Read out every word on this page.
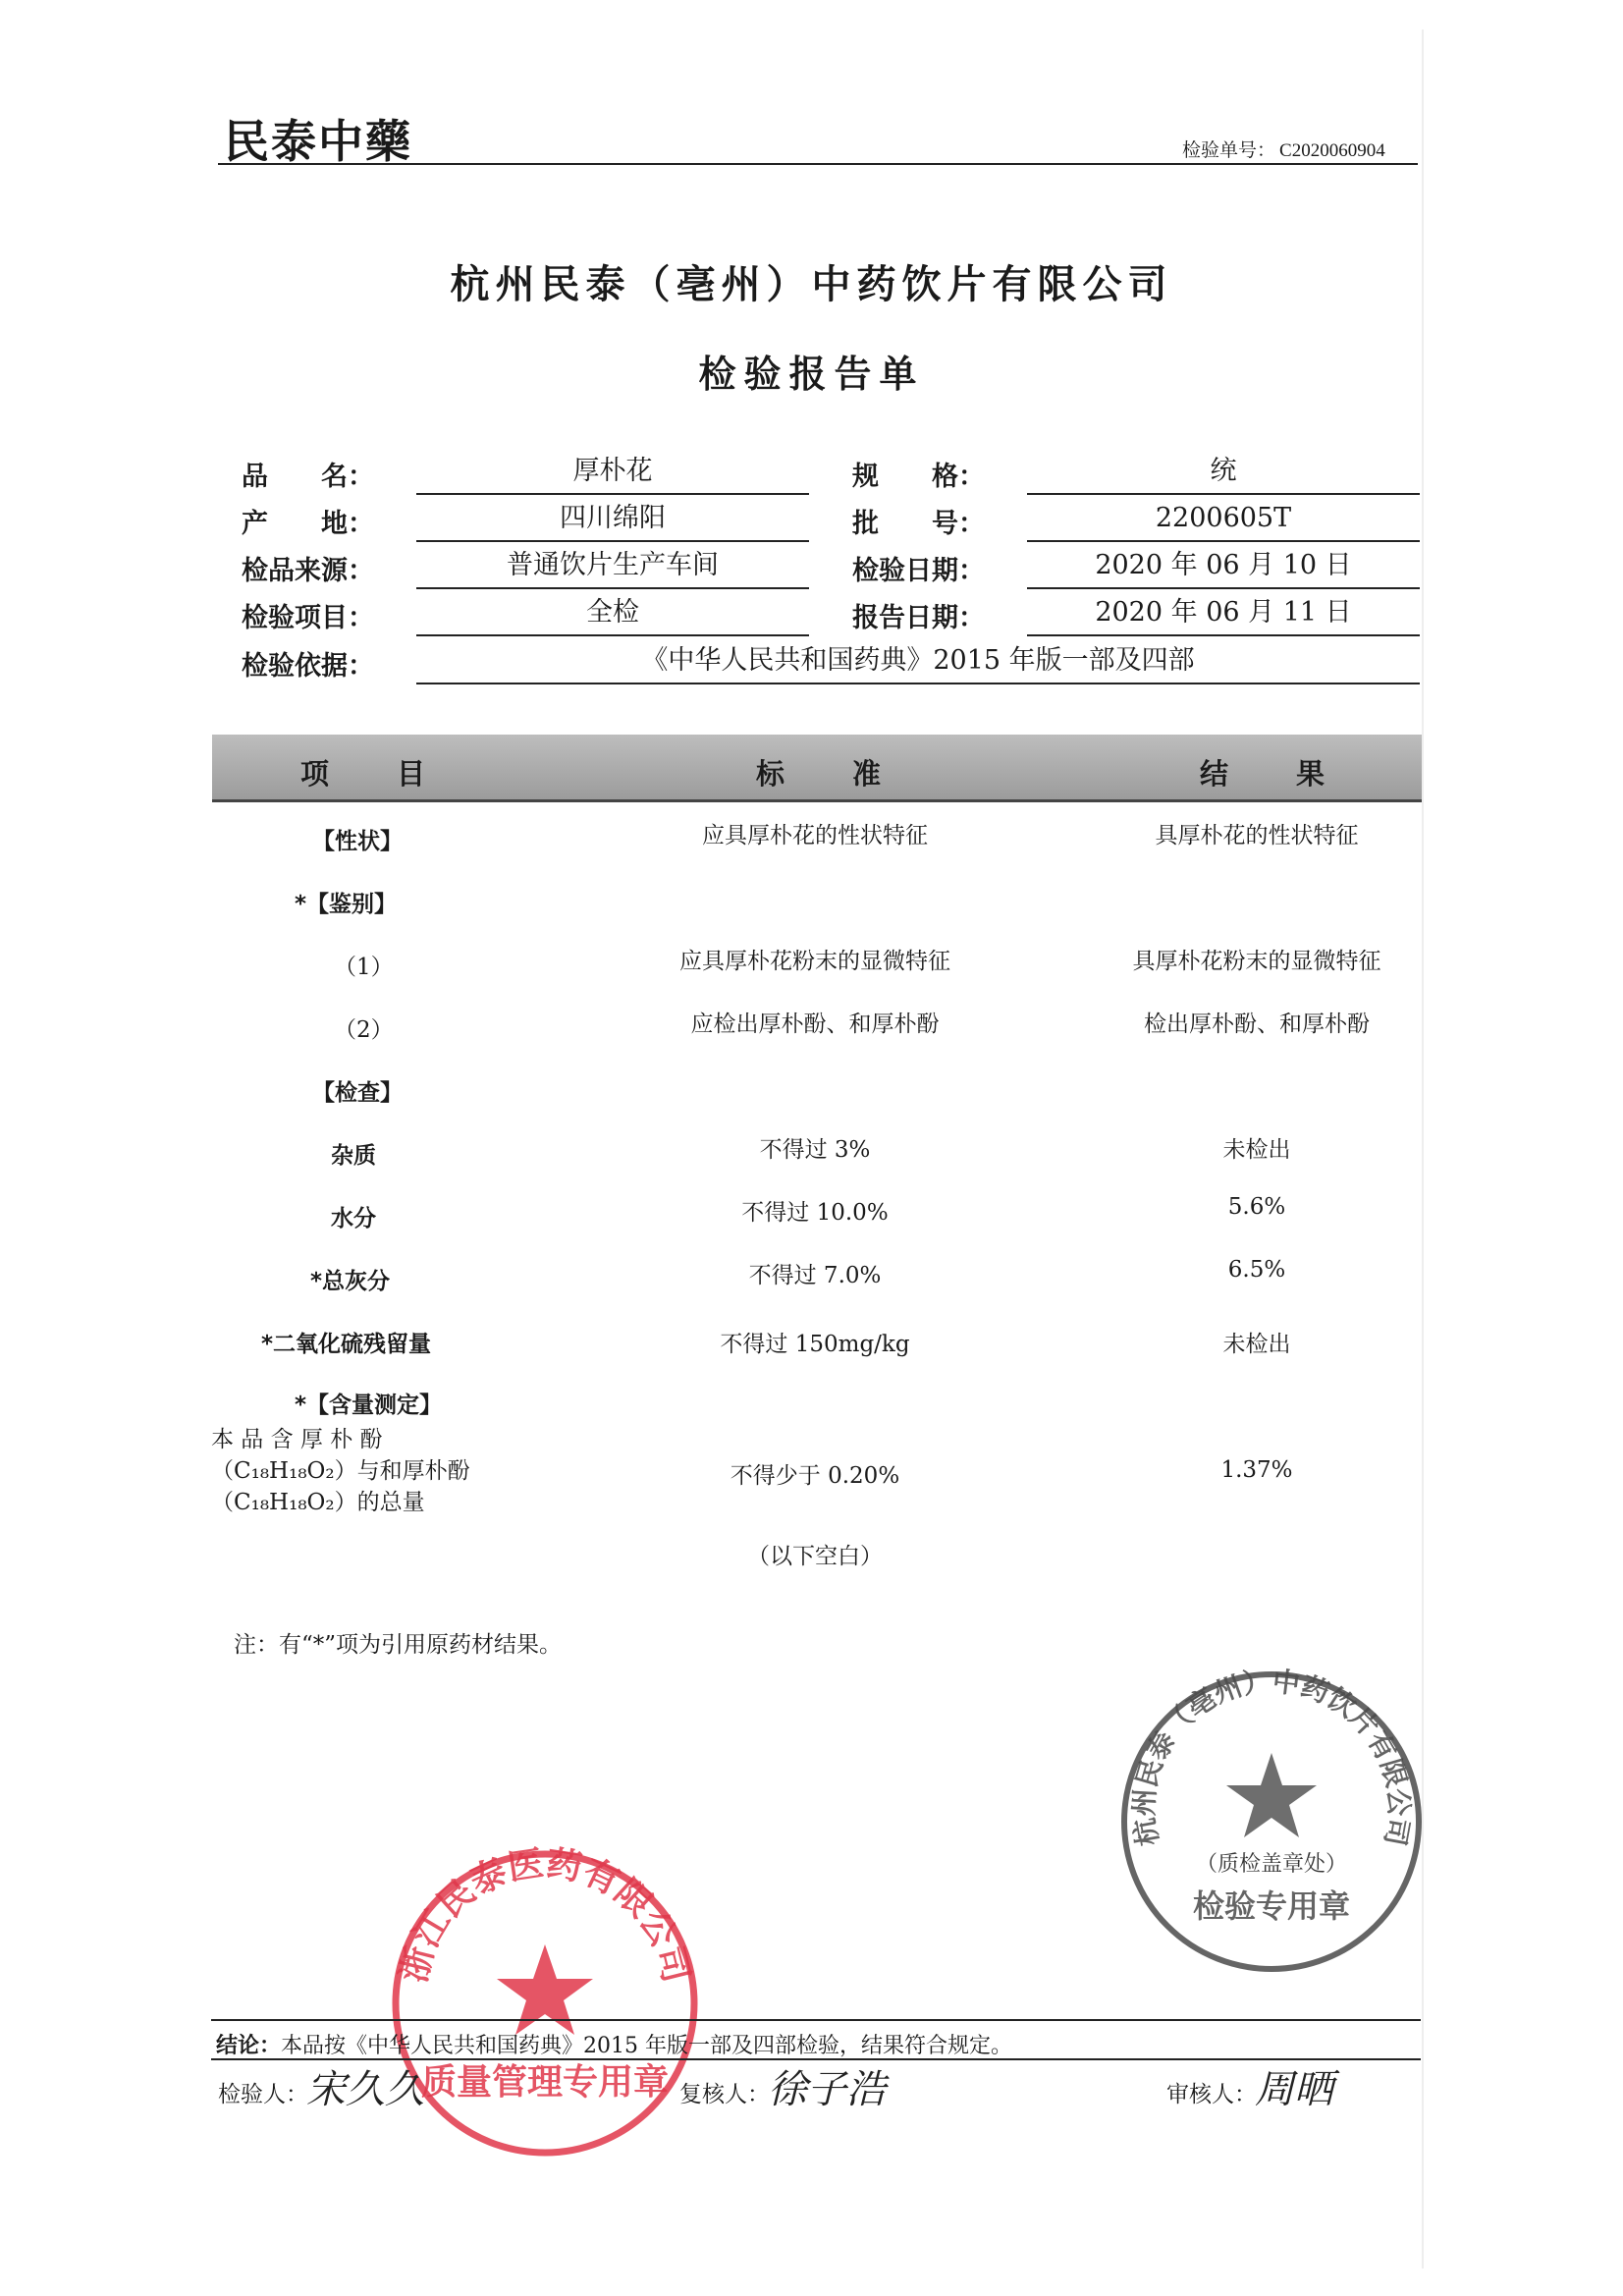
民泰中藥	检验单号： C2020060904
杭州民泰（亳州）中药饮片有限公司
检验报告单
品　　名：	厚朴花	规　　格：	统
产　　地：	四川绵阳	批　　号：	2200605T
检品来源：	普通饮片生产车间	检验日期：	2020 年 06 月 10 日
检验项目：	全检	报告日期：	2020 年 06 月 11 日
检验依据：	《中华人民共和国药典》2015 年版一部及四部
项　目	标　准	结　果
【性状】	应具厚朴花的性状特征	具厚朴花的性状特征
*【鉴别】
（1）	应具厚朴花粉末的显微特征	具厚朴花粉末的显微特征
（2）	应检出厚朴酚、和厚朴酚	检出厚朴酚、和厚朴酚
【检查】
杂质	不得过 3%	未检出
水分	不得过 10.0%	5.6%
*总灰分	不得过 7.0%	6.5%
*二氧化硫残留量	不得过 150mg/kg	未检出
*【含量测定】
本 品 含 厚 朴 酚
（C₁₈H₁₈O₂）与和厚朴酚
（C₁₈H₁₈O₂）的总量
不得少于 0.20%	1.37%
（以下空白）
注：有“*”项为引用原药材结果。
杭州民泰（亳州）中药饮片有限公司
（质检盖章处）
检验专用章
浙江民泰医药有限公司
质量管理专用章
结论：本品按《中华人民共和国药典》2015 年版一部及四部检验，结果符合规定。
检验人：
宋久久	复核人：
徐子浩	审核人：
周晒
